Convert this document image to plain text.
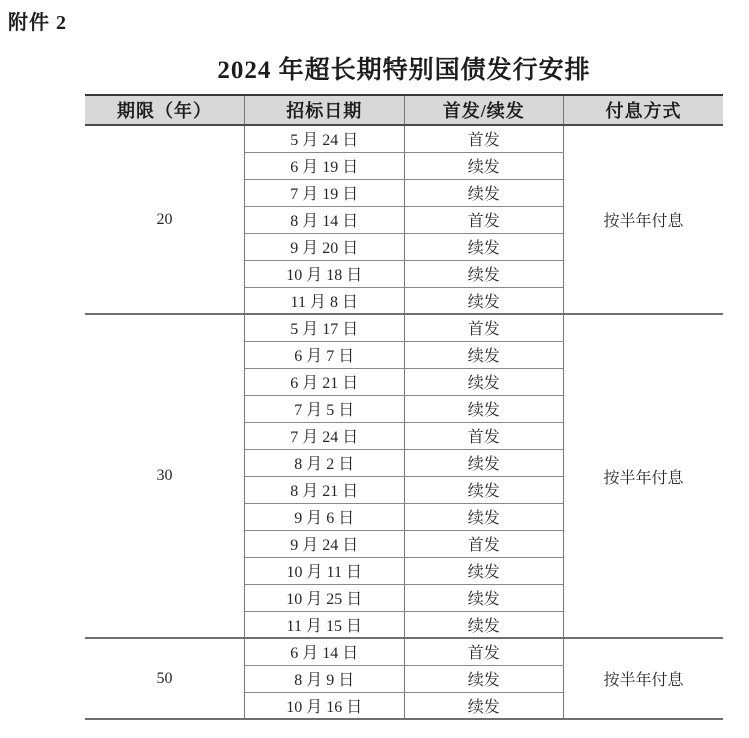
附件 2
2024 年超长期特别国债发行安排
期限（年）	招标日期	首发/续发	付息方式
20	5 月 24 日	首发	按半年付息
	6 月 19 日	续发	
	7 月 19 日	续发	
	8 月 14 日	首发	
	9 月 20 日	续发	
	10 月 18 日	续发	
	11 月 8 日	续发	
30	5 月 17 日	首发	按半年付息
	6 月 7 日	续发	
	6 月 21 日	续发	
	7 月 5 日	续发	
	7 月 24 日	首发	
	8 月 2 日	续发	
	8 月 21 日	续发	
	9 月 6 日	续发	
	9 月 24 日	首发	
	10 月 11 日	续发	
	10 月 25 日	续发	
	11 月 15 日	续发	
50	6 月 14 日	首发	按半年付息
	8 月 9 日	续发	
	10 月 16 日	续发	
